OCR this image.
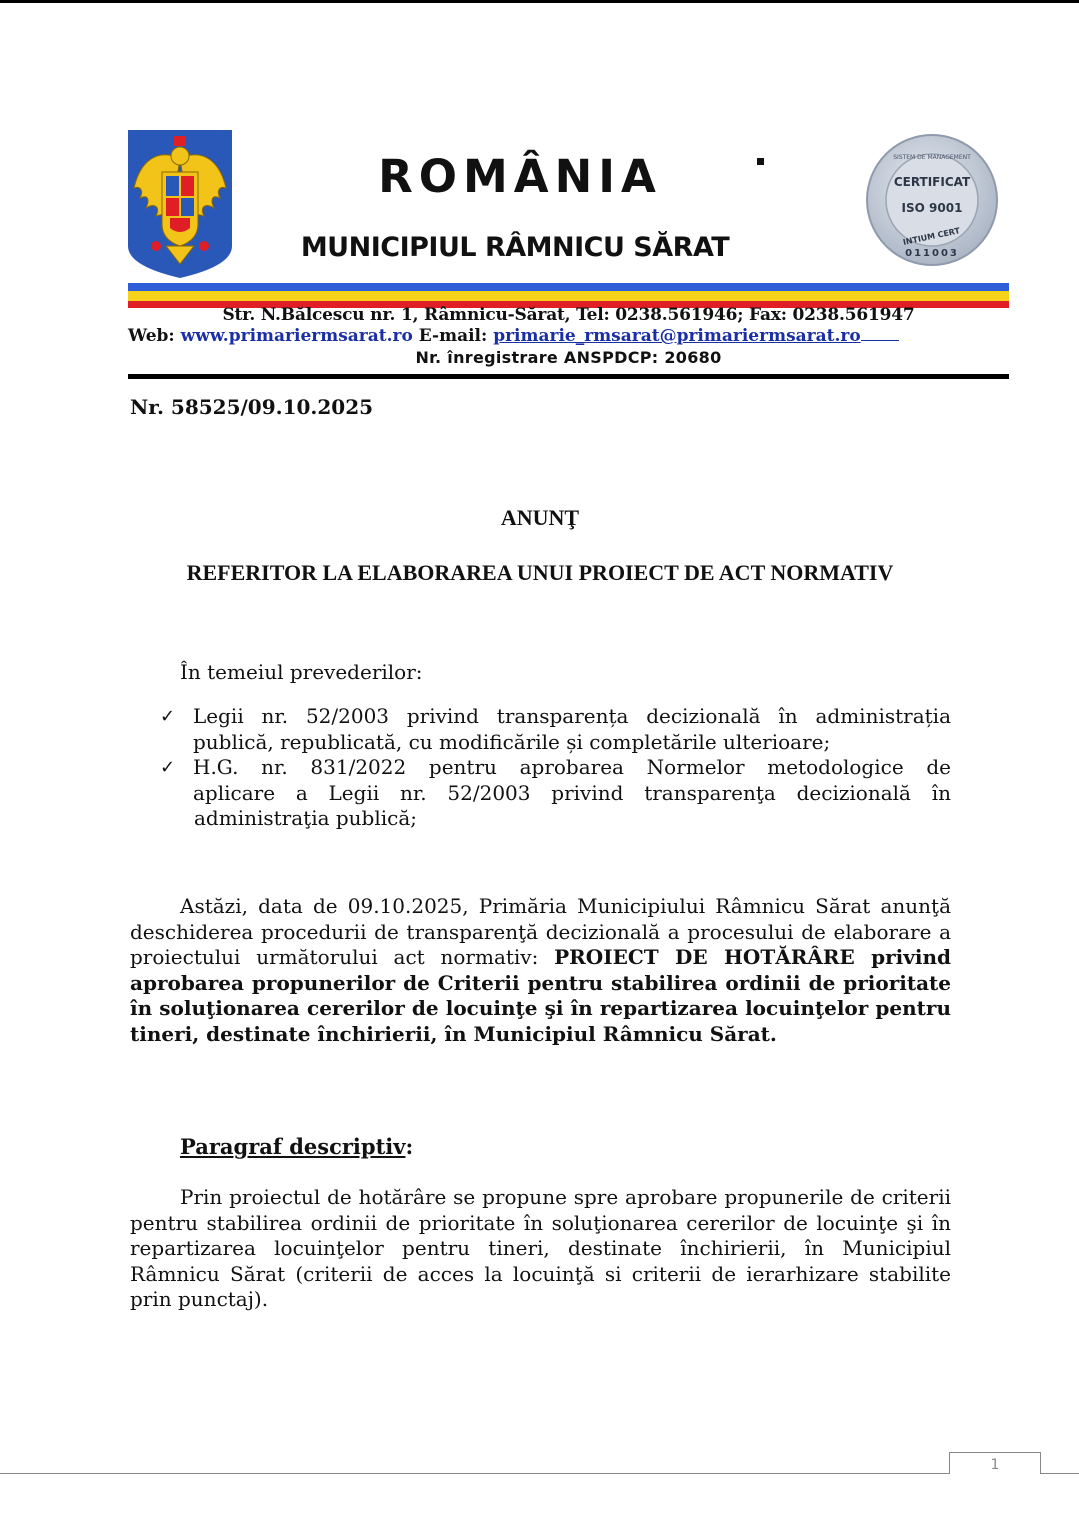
ROMÂNIA
MUNICIPIUL RÂMNICU SĂRAT
SISTEM DE MANAGEMENT
CERTIFICAT
ISO 9001
INTIUM CERT
011003
Str. N.Bălcescu nr. 1, Râmnicu-Sărat, Tel: 0238.561946; Fax: 0238.561947
Web: www.primariermsarat.ro E-mail: primarie_rmsarat@primariermsarat.ro
Nr. înregistrare ANSPDCP: 20680
Nr. 58525/09.10.2025
ANUNŢ
REFERITOR LA ELABORAREA UNUI PROIECT DE ACT NORMATIV
În temeiul prevederilor:
✓ Legii nr. 52/2003 privind transparența decizională în administrația
publică, republicată, cu modificările și completările ulterioare;
✓ H.G. nr. 831/2022 pentru aprobarea Normelor metodologice de
aplicare a Legii nr. 52/2003 privind transparenţa decizională în administraţia publică;
Astăzi, data de 09.10.2025, Primăria Municipiului Râmnicu Sărat anunţă deschiderea procedurii de transparenţă decizională a procesului de elaborare a proiectului următorului act normativ: PROIECT DE HOTĂRÂRE privind aprobarea propunerilor de Criterii pentru stabilirea ordinii de prioritate în soluţionarea cererilor de locuinţe şi în repartizarea locuinţelor pentru tineri, destinate închirierii, în Municipiul Râmnicu Sărat.
Paragraf descriptiv:
Prin proiectul de hotărâre se propune spre aprobare propunerile de criterii pentru stabilirea ordinii de prioritate în soluţionarea cererilor de locuinţe şi în repartizarea locuinţelor pentru tineri, destinate închirierii, în Municipiul Râmnicu Sărat (criterii de acces la locuinţă si criterii de ierarhizare stabilite prin punctaj).
1
